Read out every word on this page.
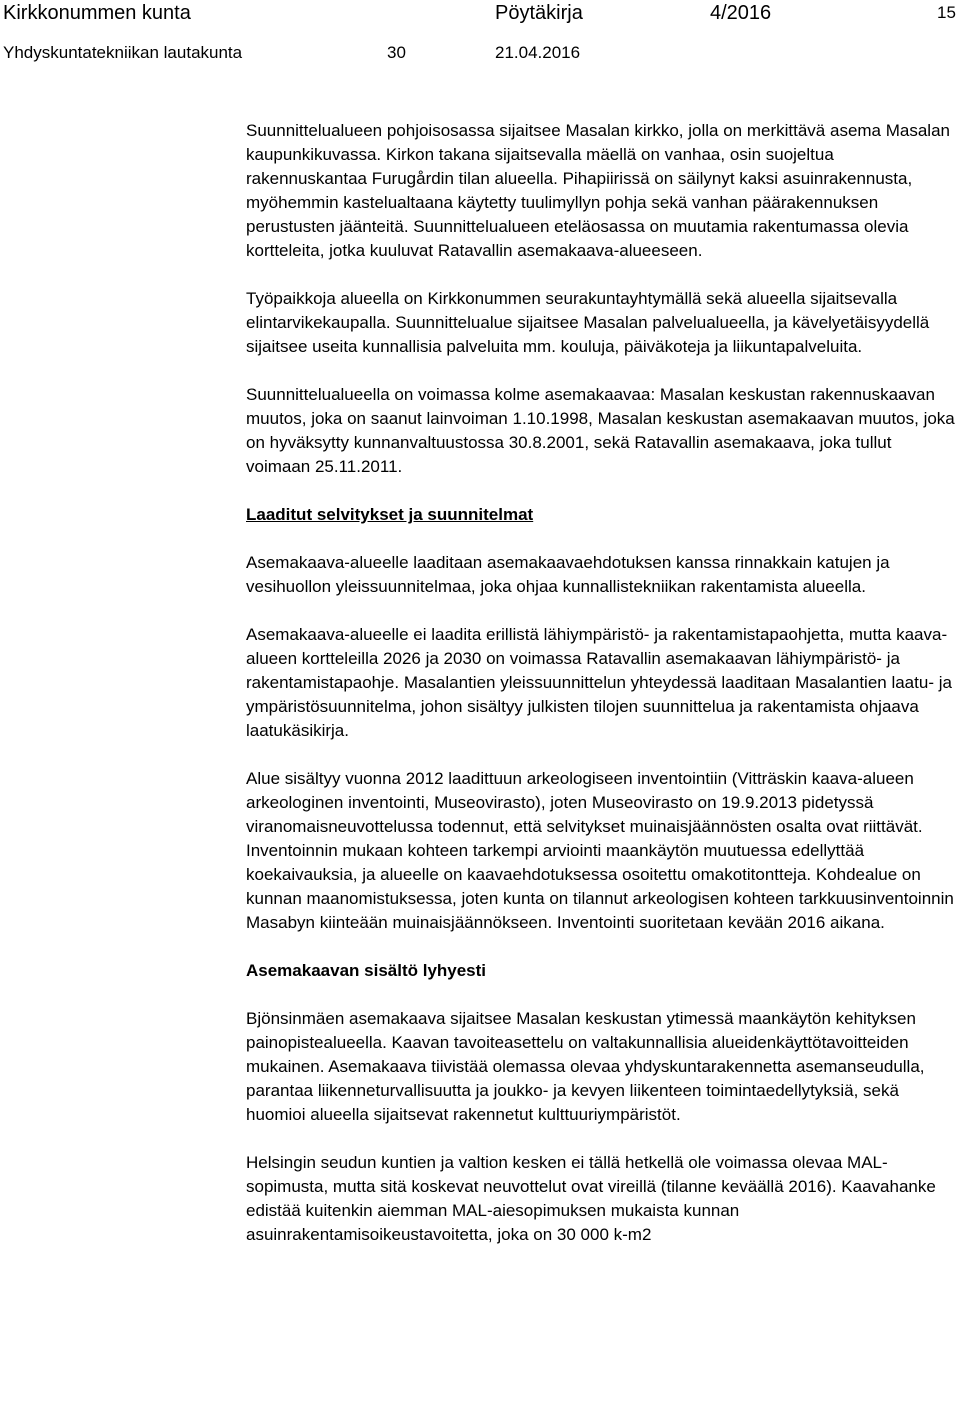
Kirkkonummen kunta	Pöytäkirja	4/2016	15
Yhdyskuntatekniikan lautakunta	30	21.04.2016

Suunnittelualueen pohjoisosassa sijaitsee Masalan kirkko, jolla on merkittävä asema Masalan kaupunkikuvassa. Kirkon takana sijaitsevalla mäellä on vanhaa, osin suojeltua rakennuskantaa Furugårdin tilan alueella. Pihapiirissä on säilynyt kaksi asuinrakennusta, myöhemmin kastelualtaana käytetty tuulimyllyn pohja sekä vanhan päärakennuksen perustusten jäänteitä. Suunnittelualueen eteläosassa on muutamia rakentumassa olevia kortteleita, jotka kuuluvat Ratavallin asemakaava-alueeseen.

Työpaikkoja alueella on Kirkkonummen seurakuntayhtymällä sekä alueella sijaitsevalla elintarvikekaupalla. Suunnittelualue sijaitsee Masalan palvelualueella, ja kävelyetäisyydellä sijaitsee useita kunnallisia palveluita mm. kouluja, päiväkoteja ja liikuntapalveluita.

Suunnittelualueella on voimassa kolme asemakaavaa: Masalan keskustan rakennuskaavan muutos, joka on saanut lainvoiman 1.10.1998, Masalan keskustan asemakaavan muutos, joka on hyväksytty kunnanvaltuustossa 30.8.2001, sekä Ratavallin asemakaava, joka tullut voimaan 25.11.2011.

Laaditut selvitykset ja suunnitelmat

Asemakaava-alueelle laaditaan asemakaavaehdotuksen kanssa rinnakkain katujen ja vesihuollon yleissuunnitelmaa, joka ohjaa kunnallistekniikan rakentamista alueella.

Asemakaava-alueelle ei laadita erillistä lähiympäristö- ja rakentamistapaohjetta, mutta kaava-alueen kortteleilla 2026 ja 2030 on voimassa Ratavallin asemakaavan lähiympäristö- ja rakentamistapaohje. Masalantien yleissuunnittelun yhteydessä laaditaan Masalantien laatu- ja ympäristösuunnitelma, johon sisältyy julkisten tilojen suunnittelua ja rakentamista ohjaava laatukäsikirja.

Alue sisältyy vuonna 2012 laadittuun arkeologiseen inventointiin (Vitträskin kaava-alueen arkeologinen inventointi, Museovirasto), joten Museovirasto on 19.9.2013 pidetyssä viranomaisneuvottelussa todennut, että selvitykset muinaisjäännösten osalta ovat riittävät. Inventoinnin mukaan kohteen tarkempi arviointi maankäytön muutuessa edellyttää koekaivauksia, ja alueelle on kaavaehdotuksessa osoitettu omakotitontteja. Kohdealue on kunnan maanomistuksessa, joten kunta on tilannut arkeologisen kohteen tarkkuusinventoinnin Masabyn kiinteään muinaisjäännökseen. Inventointi suoritetaan kevään 2016 aikana.

Asemakaavan sisältö lyhyesti

Bjönsinmäen asemakaava sijaitsee Masalan keskustan ytimessä maankäytön kehityksen painopistealueella. Kaavan tavoiteasettelu on valtakunnallisia alueidenkäyttötavoitteiden mukainen. Asemakaava tiivistää olemassa olevaa yhdyskuntarakennetta asemanseudulla, parantaa liikenneturvallisuutta ja joukko- ja kevyen liikenteen toimintaedellytyksiä, sekä huomioi alueella sijaitsevat rakennetut kulttuuriympäristöt.

Helsingin seudun kuntien ja valtion kesken ei tällä hetkellä ole voimassa olevaa MAL-sopimusta, mutta sitä koskevat neuvottelut ovat vireillä (tilanne keväällä 2016). Kaavahanke edistää kuitenkin aiemman MAL-aiesopimuksen mukaista kunnan asuinrakentamisoikeustavoitetta, joka on 30 000 k-m2
